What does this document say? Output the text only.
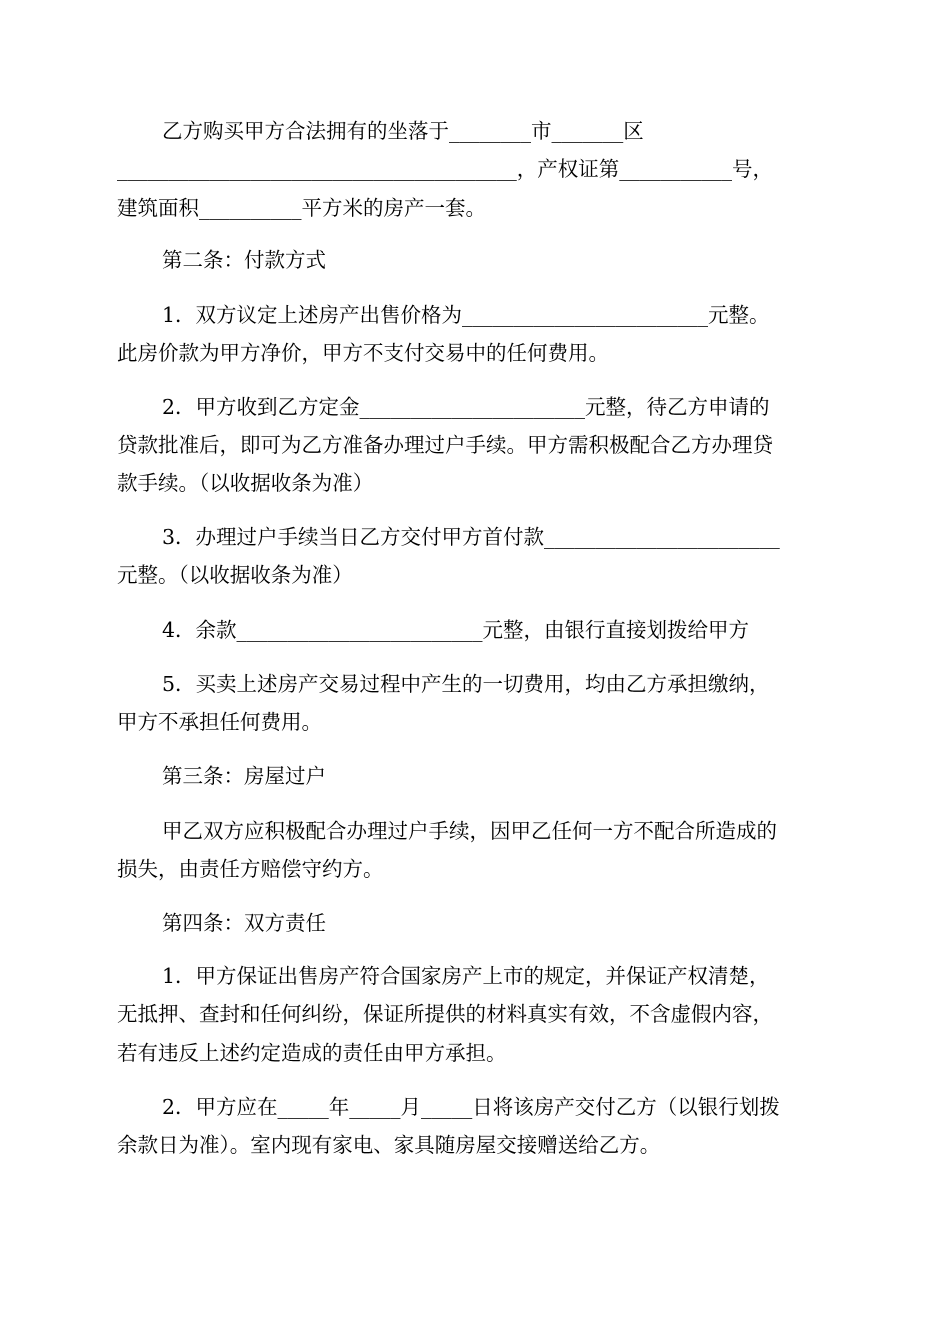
乙方购买甲方合法拥有的坐落于________市_______区
_______________________________________，产权证第___________号，
建筑面积__________平方米的房产一套。
第二条：付款方式
1．双方议定上述房产出售价格为________________________元整。
此房价款为甲方净价，甲方不支付交易中的任何费用。
2．甲方收到乙方定金______________________元整，待乙方申请的
贷款批准后，即可为乙方准备办理过户手续。甲方需积极配合乙方办理贷
款手续。（以收据收条为准）
3．办理过户手续当日乙方交付甲方首付款_______________________
元整。（以收据收条为准）
4．余款________________________元整，由银行直接划拨给甲方
5．买卖上述房产交易过程中产生的一切费用，均由乙方承担缴纳，
甲方不承担任何费用。
第三条：房屋过户
甲乙双方应积极配合办理过户手续，因甲乙任何一方不配合所造成的
损失，由责任方赔偿守约方。
第四条：双方责任
1．甲方保证出售房产符合国家房产上市的规定，并保证产权清楚，
无抵押、查封和任何纠纷，保证所提供的材料真实有效，不含虚假内容，
若有违反上述约定造成的责任由甲方承担。
2．甲方应在_____年_____月_____日将该房产交付乙方（以银行划拨
余款日为准）。室内现有家电、家具随房屋交接赠送给乙方。
